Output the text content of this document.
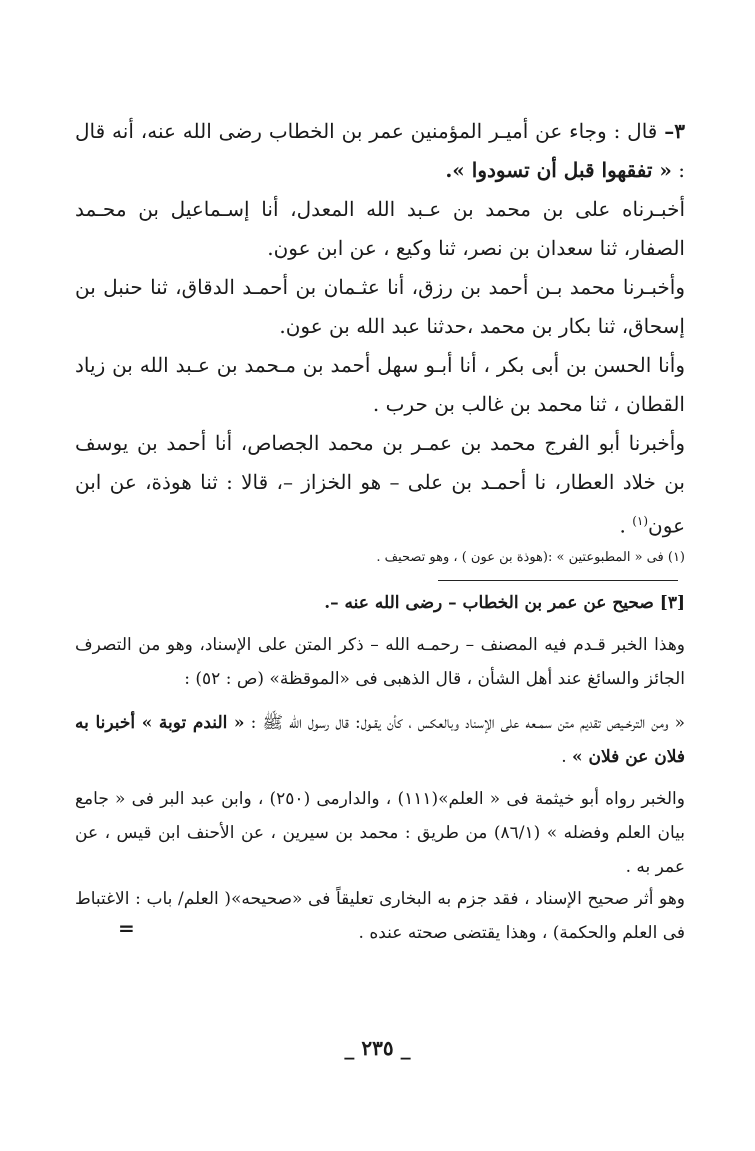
٣– قال : وجاء عن أميـر المؤمنين عمر بن الخطاب رضى الله عنه، أنه قال : « تفقهوا قبل أن تسودوا ».
أخبـرناه على بن محمد بن عـبد الله المعدل، أنا إسـماعيل بن محـمد الصفار، ثنا سعدان بن نصر، ثنا وكيع ، عن ابن عون.
وأخبـرنا محمد بـن أحمد بن رزق، أنا عثـمان بن أحمـد الدقاق، ثنا حنبل بن إسحاق، ثنا بكار بن محمد ،حدثنا عبد الله بن عون.
وأنا الحسن بن أبى بكر ، أنا أبـو سهل أحمد بن مـحمد بن عـبد الله بن زياد القطان ، ثنا محمد بن غالب بن حرب .
وأخبرنا أبو الفرج محمد بن عمـر بن محمد الجصاص، أنا أحمد بن يوسف بن خلاد العطار، نا أحمـد بن على – هو الخزاز –، قالا : ثنا هوذة، عن ابن عون$^{(١)}$ .
(١) فى « المطبوعتين » :(هوذة بن عون ) ، وهو تصحيف .
[٣] صحيح عن عمر بن الخطاب – رضى الله عنه –.
وهذا الخبر قـدم فيه المصنف – رحمـه الله – ذكر المتن على الإسناد، وهو من التصرف الجائز والسائغ عند أهل الشأن ، قال الذهبى فى «الموقظة» (ص : ٥٢) :
« ومن الترخـيص تقديم متن سمـعه على الإسناد وبالعكس ، كأن يقـول: قال رسول الله ﷺ : « الندم توبة » أخبرنا به فلان عن فلان » .
والخبر رواه أبو خيثمة فى « العلم»(١١١) ، والدارمى (٢٥٠) ، وابن عبد البر فى « جامع بيان العلم وفضله » (٨٦/١) من طريق : محمد بن سيرين ، عن الأحنف ابن قيس ، عن عمر به .
وهو أثر صحيح الإسناد ، فقد جزم به البخارى تعليقاً فى «صحيحه»( العلم/ باب : الاغتباط فى العلم والحكمة) ، وهذا يقتضى صحته عنده .
=
_ ٢٣٥ _
